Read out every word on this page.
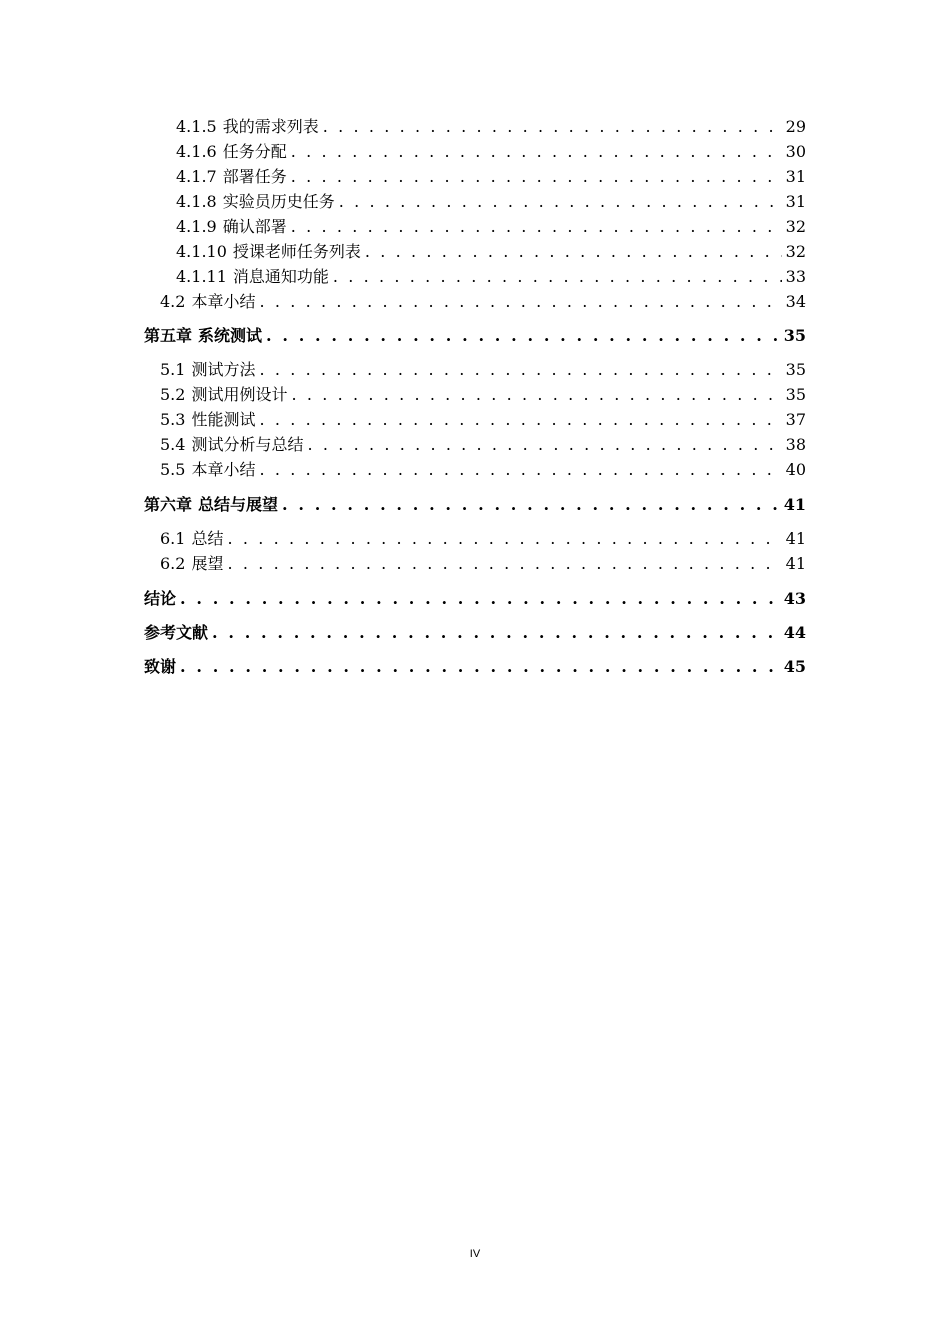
4.1.5 我的需求列表 . . .	29
4.1.6 任务分配 . . .	30
4.1.7 部署任务 . . .	31
4.1.8 实验员历史任务 . . .	31
4.1.9 确认部署 . . .	32
4.1.10 授课老师任务列表 . . .	32
4.1.11 消息通知功能 . . .	33
4.2 本章小结 . . .	34
第五章 系统测试 . . .	35
5.1 测试方法 . . .	35
5.2 测试用例设计 . . .	35
5.3 性能测试 . . .	37
5.4 测试分析与总结 . . .	38
5.5 本章小结 . . .	40
第六章 总结与展望 . . .	41
6.1 总结 . . .	41
6.2 展望 . . .	41
结论 . . .	43
参考文献 . . .	44
致谢 . . .	45
IV
